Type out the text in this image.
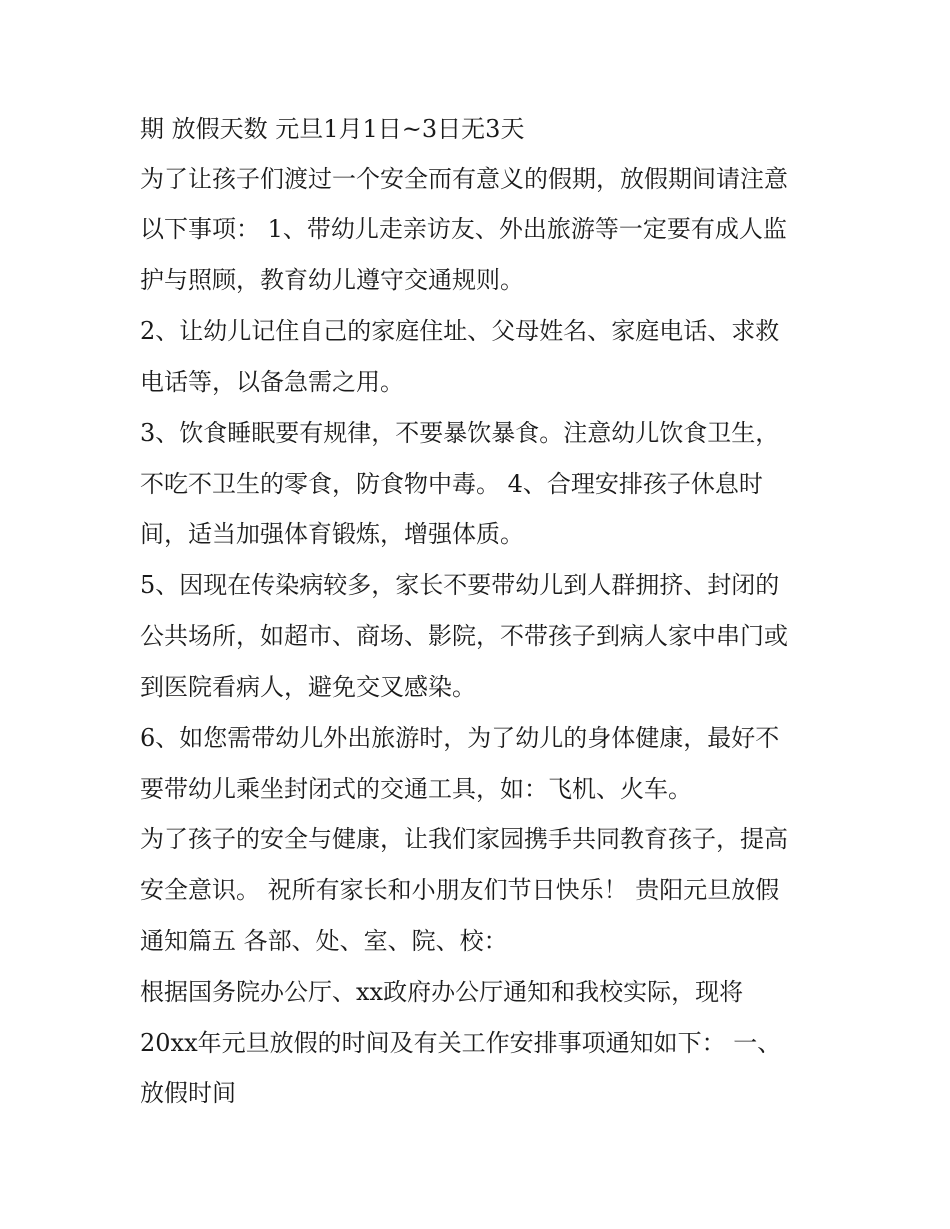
期 放假天数 元旦1月1日~3日无3天
为了让孩子们渡过一个安全而有意义的假期，放假期间请注意
以下事项： 1、带幼儿走亲访友、外出旅游等一定要有成人监
护与照顾，教育幼儿遵守交通规则。
2、让幼儿记住自己的家庭住址、父母姓名、家庭电话、求救
电话等，以备急需之用。
3、饮食睡眠要有规律，不要暴饮暴食。注意幼儿饮食卫生，
不吃不卫生的零食，防食物中毒。 4、合理安排孩子休息时
间，适当加强体育锻炼，增强体质。
5、因现在传染病较多，家长不要带幼儿到人群拥挤、封闭的
公共场所，如超市、商场、影院，不带孩子到病人家中串门或
到医院看病人，避免交叉感染。
6、如您需带幼儿外出旅游时，为了幼儿的身体健康，最好不
要带幼儿乘坐封闭式的交通工具，如：飞机、火车。
为了孩子的安全与健康，让我们家园携手共同教育孩子，提高
安全意识。 祝所有家长和小朋友们节日快乐！ 贵阳元旦放假
通知篇五 各部、处、室、院、校：
根据国务院办公厅、xx政府办公厅通知和我校实际，现将
20xx年元旦放假的时间及有关工作安排事项通知如下： 一、
放假时间
